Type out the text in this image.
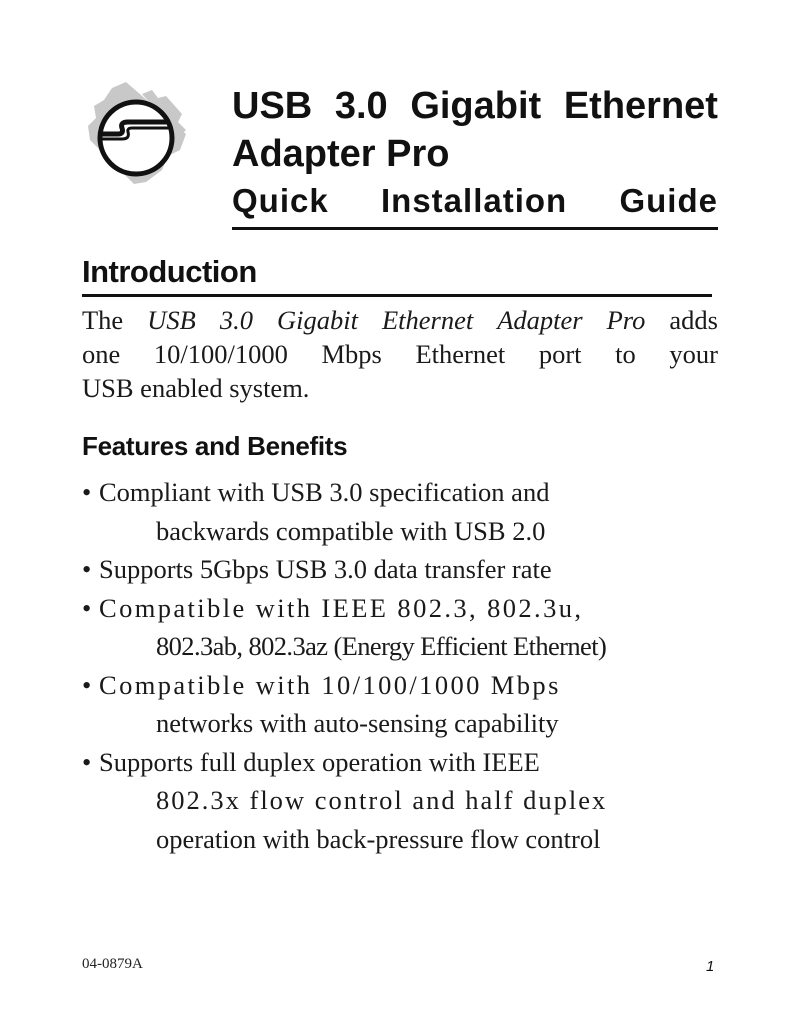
USB 3.0 Gigabit Ethernet
Adapter Pro
Quick Installation Guide
Introduction
The USB 3.0 Gigabit Ethernet Adapter Pro adds
one 10/100/1000 Mbps Ethernet port to your
USB enabled system.
Features and Benefits
• Compliant with USB 3.0 specification and
backwards compatible with USB 2.0
• Supports 5Gbps USB 3.0 data transfer rate
• Compatible with IEEE 802.3, 802.3u,
802.3ab, 802.3az (Energy Efficient Ethernet)
• Compatible with 10/100/1000 Mbps
networks with auto-sensing capability
• Supports full duplex operation with IEEE
802.3x flow control and half duplex
operation with back-pressure flow control
04-0879A	1
